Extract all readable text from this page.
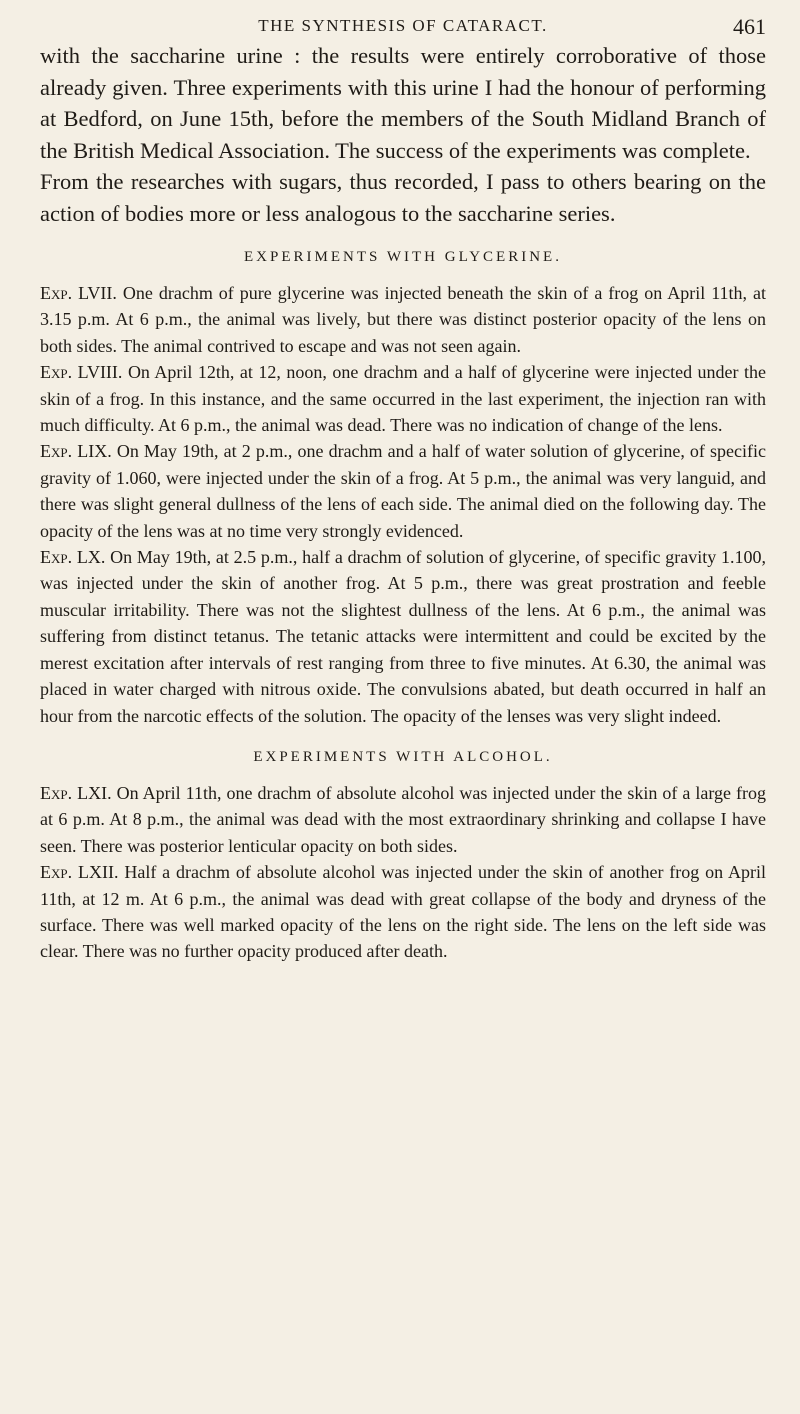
THE SYNTHESIS OF CATARACT.	461

with the saccharine urine : the results were entirely corroborative of those already given. Three experiments with this urine I had the honour of performing at Bedford, on June 15th, before the members of the South Midland Branch of the British Medical Association. The success of the experiments was complete.

From the researches with sugars, thus recorded, I pass to others bearing on the action of bodies more or less analogous to the saccharine series.

EXPERIMENTS WITH GLYCERINE.

Exp. LVII. One drachm of pure glycerine was injected beneath the skin of a frog on April 11th, at 3.15 p.m. At 6 p.m., the animal was lively, but there was distinct posterior opacity of the lens on both sides. The animal contrived to escape and was not seen again.

Exp. LVIII. On April 12th, at 12, noon, one drachm and a half of glycerine were injected under the skin of a frog. In this instance, and the same occurred in the last experiment, the injection ran with much difficulty. At 6 p.m., the animal was dead. There was no indication of change of the lens.

Exp. LIX. On May 19th, at 2 p.m., one drachm and a half of water solution of glycerine, of specific gravity of 1.060, were injected under the skin of a frog. At 5 p.m., the animal was very languid, and there was slight general dullness of the lens of each side. The animal died on the following day. The opacity of the lens was at no time very strongly evidenced.

Exp. LX. On May 19th, at 2.5 p.m., half a drachm of solution of glycerine, of specific gravity 1.100, was injected under the skin of another frog. At 5 p.m., there was great prostration and feeble muscular irritability. There was not the slightest dullness of the lens. At 6 p.m., the animal was suffering from distinct tetanus. The tetanic attacks were intermittent and could be excited by the merest excitation after intervals of rest ranging from three to five minutes. At 6.30, the animal was placed in water charged with nitrous oxide. The convulsions abated, but death occurred in half an hour from the narcotic effects of the solution. The opacity of the lenses was very slight indeed.

EXPERIMENTS WITH ALCOHOL.

Exp. LXI. On April 11th, one drachm of absolute alcohol was injected under the skin of a large frog at 6 p.m. At 8 p.m., the animal was dead with the most extraordinary shrinking and collapse I have seen. There was posterior lenticular opacity on both sides.

Exp. LXII. Half a drachm of absolute alcohol was injected under the skin of another frog on April 11th, at 12 m. At 6 p.m., the animal was dead with great collapse of the body and dryness of the surface. There was well marked opacity of the lens on the right side. The lens on the left side was clear. There was no further opacity produced after death.
